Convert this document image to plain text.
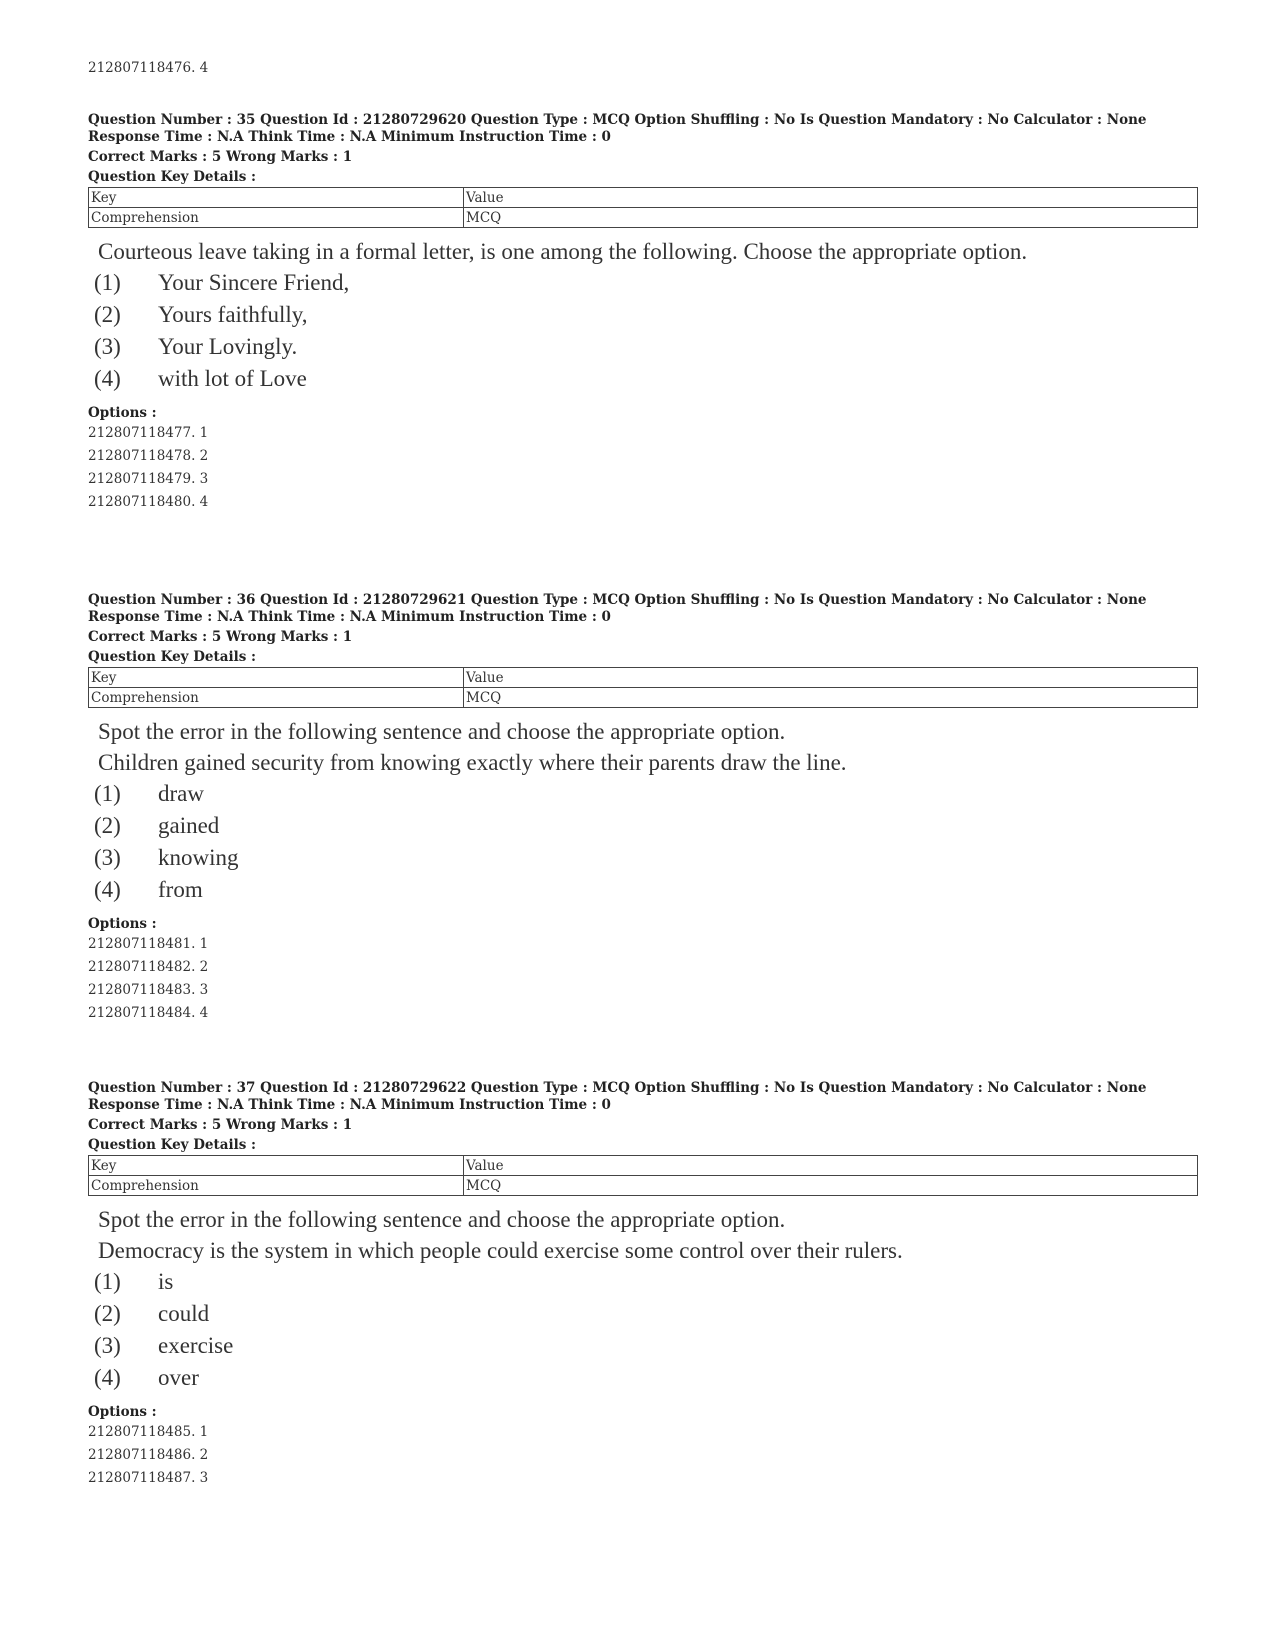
212807118476. 4
Question Number : 35 Question Id : 21280729620 Question Type : MCQ Option Shuffling : No Is Question Mandatory : No Calculator : None
Response Time : N.A Think Time : N.A Minimum Instruction Time : 0
Correct Marks : 5 Wrong Marks : 1
Question Key Details :
Key	Value
Comprehension	MCQ

Courteous leave taking in a formal letter, is one among the following. Choose the appropriate option.

(1)	Your Sincere Friend,
(2)	Yours faithfully,
(3)	Your Lovingly.
(4)	with lot of Love
Options :
212807118477. 1
212807118478. 2
212807118479. 3
212807118480. 4
Question Number : 36 Question Id : 21280729621 Question Type : MCQ Option Shuffling : No Is Question Mandatory : No Calculator : None
Response Time : N.A Think Time : N.A Minimum Instruction Time : 0
Correct Marks : 5 Wrong Marks : 1
Question Key Details :
Key	Value
Comprehension	MCQ

Spot the error in the following sentence and choose the appropriate option.

Children gained security from knowing exactly where their parents draw the line.

(1)	draw
(2)	gained
(3)	knowing
(4)	from
Options :
212807118481. 1
212807118482. 2
212807118483. 3
212807118484. 4
Question Number : 37 Question Id : 21280729622 Question Type : MCQ Option Shuffling : No Is Question Mandatory : No Calculator : None
Response Time : N.A Think Time : N.A Minimum Instruction Time : 0
Correct Marks : 5 Wrong Marks : 1
Question Key Details :
Key	Value
Comprehension	MCQ

Spot the error in the following sentence and choose the appropriate option.

Democracy is the system in which people could exercise some control over their rulers.

(1)	is
(2)	could
(3)	exercise
(4)	over
Options :
212807118485. 1
212807118486. 2
212807118487. 3
